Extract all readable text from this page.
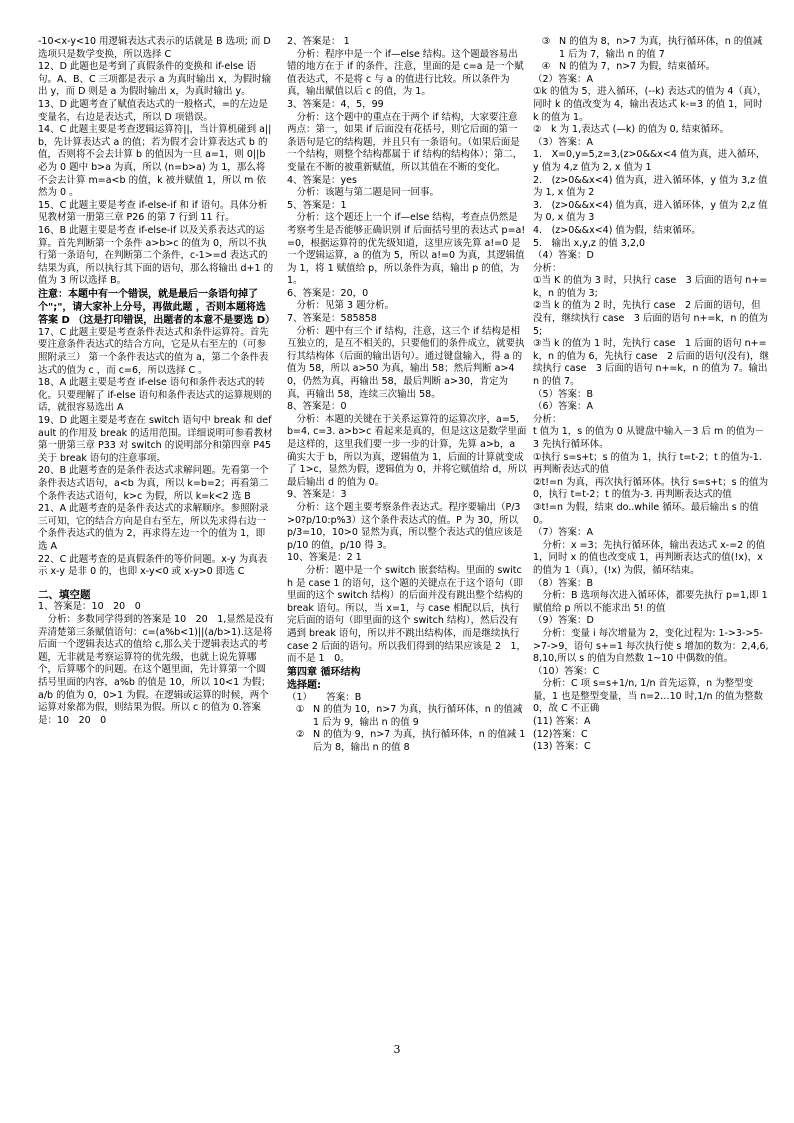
-10<x-y<10 用逻辑表达式表示的话就是 B 选项; 而 D 选项只是数学变换，所以选择 C

12、D 此题也是考到了真假条件的变换和 if-else 语句。A、B、C 三项都是表示 a 为真时输出 x，为假时输出 y，而 D 则是 a 为假时输出 x，为真时输出 y。

13、D 此题考查了赋值表达式的一般格式，=的左边是变量名，右边是表达式，所以 D 项错误。

14、C 此题主要是考查逻辑运算符||，当计算机碰到 a||b，先计算表达式 a 的值；若为假才会计算表达式 b 的值，否则将不会去计算 b 的值因为一旦 a=1，则 0||b 必为 0 题中 b>a 为真，所以 (n=b>a) 为 1，那么将不会去计算 m=a<b 的值，k 被并赋值 1，所以 m 依然为 0 。

15、C 此题主要是考查 if-else-if 和 if 语句。具体分析见教材第一册第三章 P26 的第 7 行到 11 行。

16、B 此题主要是考查 if-else-if 以及关系表达式的运算。首先判断第一个条件 a>b>c 的值为 0，所以不执行第一条语句，在判断第二个条件，c-1>=d 表达式的结果为真，所以执行其下面的语句，那么将输出 d+1 的值为 3 所以选择 B。

注意：本题中有一个错误，就是最后一条语句掉了个";"，请大家补上分号，再做此题 ，否则本题将选答案 D （这是打印错误，出题者的本意不是要选 D）

17、C 此题主要是考查条件表达式和条件运算符。首先要注意条件表达式的结合方向，它是从右至左的（可参照附录三） 第一个条件表达式的值为 a，第二个条件表达式的值为 c ，而 c=6，所以选择 C 。

18、A 此题主要是考查 if-else 语句和条件表达式的转化。只要理解了 if-else 语句和条件表达式的运算规则的话，就很容易选出 A

19、D 此题主要是考查在 switch 语句中 break 和 default 的作用及 break 的适用范围。详细说明可参看教材第一册第三章 P33 对 switch 的说明部分和第四章 P45 关于 break 语句的注意事项。

20、B 此题考查的是条件表达式求解问题。先看第一个条件表达式语句，a<b 为真，所以 k=b=2；再看第二个条件表达式语句，k>c 为假，所以 k=k<2 选 B

21、A 此题考查的是条件表达式的求解顺序。参照附录三可知，它的结合方向是自右至左，所以先求得右边一个条件表达式的值为 2，再求得左边一个的值为 1，即选 A

22、C 此题考查的是真假条件的等价问题。x-y 为真表示 x-y 是非 0 的，也即 x-y<0 或 x-y>0 即选 C

二、填空题

1、答案是：10　20　0

　分析：多数同学得到的答案是 10　20　1,显然是没有弄清楚第三条赋值语句：c=(a%b<1)||(a/b>1).这是将后面一个逻辑表达式的值给 c,那么关于逻辑表达式的考题，无非就是考察运算符的优先级，也就上说先算哪个，后算哪个的问题。在这个题里面，先计算第一个圆括号里面的内容，a%b 的值是 10，所以 10<1 为假；a/b 的值为 0，0>1 为假。在逻辑或运算的时候，两个运算对象都为假，则结果为假。所以 c 的值为 0.答案是：10　20　0

2、答案是： 1

　分析：程序中是一个 if—else 结构。这个题最容易出错的地方在于 if 的条件，注意，里面的是 c=a 是一个赋值表达式，不是将 c 与 a 的值进行比较。所以条件为真，输出赋值以后 c 的值，为 1。

3、答案是：4，5，99

　分析：这个题中的重点在于两个 if 结构，大家要注意两点：第一，如果 if 后面没有花括号，则它后面的第一条语句是它的结构题，并且只有一条语句。（如果后面是一个结构，则整个结构都属于 if 结构的结构体）；第二，变量在不断的被重新赋值，所以其值在不断的变化。

4、答案是：yes

　分析：该题与第二题是同一回事。

5、答案是：1

　分析：这个题还上一个 if—else 结构，考查点仍然是考察考生是否能够正确识别 if 后面括号里的表达式 p=a!=0，根据运算符的优先级知道，这里应该先算 a!=0 是一个逻辑运算，a 的值为 5，所以 a!=0 为真，其逻辑值为 1，将 1 赋值给 p，所以条件为真，输出 p 的值，为 1。

6、答案是：20，0

　分析：见第 3 题分析。

7、答案是：585858

　分析：题中有三个 if 结构，注意，这三个 if 结构是相互独立的，是互不相关的，只要他们的条件成立，就要执行其结构体（后面的输出语句）。通过键盘输入，得 a 的值为 58，所以 a>50 为真，输出 58；然后判断 a>40，仍然为真，再输出 58，最后判断 a>30，肯定为真，再输出 58，连续三次输出 58。

8、答案是：0

　分析：本题的关键在于关系运算符的运算次序，a=5, b=4, c=3. a>b>c 看起来是真的，但是这这是数学里面是这样的，这里我们要一步一步的计算，先算 a>b，a 确实大于 b，所以为真，逻辑值为 1，后面的计算就变成了 1>c，显然为假，逻辑值为 0，并将它赋值给 d，所以最后输出 d 的值为 0。

9、答案是：3

　分析：这个题主要考察条件表达式。程序要输出（P/3>0?p/10:p%3）这个条件表达式的值。P 为 30，所以 p/3=10，10>0 显然为真，所以整个表达式的值应该是 p/10 的值，p/10 得 3。

10、答案是：2 1

　　分析：题中是一个 switch 嵌套结构。里面的 switch 是 case 1 的语句，这个题的关键点在于这个语句（即里面的这个 switch 结构）的后面并没有跳出整个结构的 break 语句。所以，当 x=1，与 case 相配以后，执行完后面的语句（即里面的这个 switch 结构），然后没有遇到 break 语句，所以并不跳出结构体，而是继续执行 case 2 后面的语句。所以我们得到的结果应该是 2　1，而不是 1　0。

第四章 循环结构

选择题:

（1）　　答案：B

① N 的值为 10，n>7 为真，执行循环体，n 的值减 1 后为 9，输出 n 的值 9
② N 的值为 9，n>7 为真，执行循环体，n 的值减 1 后为 8，输出 n 的值 8
③ N 的值为 8，n>7 为真，执行循环体，n 的值减 1 后为 7，输出 n 的值 7
④ N 的值为 7，n>7 为假，结束循环。

（2）答案：A

①k 的值为 5，进入循环，(--k) 表达式的值为 4（真），同时 k 的值改变为 4，输出表达式 k-=3 的值 1，同时 k 的值为 1。

②　k 为 1,表达式 (—k) 的值为 0, 结束循环。

（3）答案：A

1.　X=0,y=5,z=3,(z>0&&x<4 值为真，进入循环，y 值为 4,z 值为 2, x 值为 1

2.　(z>0&&x<4) 值为真，进入循环体，y 值为 3,z 值为 1, x 值为 2

3.　(z>0&&x<4) 值为真，进入循环体，y 值为 2,z 值为 0, x 值为 3

4.　(z>0&&x<4) 值为假，结束循环。

5.　输出 x,y,z 的值 3,2,0

（4）答案：D

分析：

①当 K 的值为 3 时，只执行 case　3 后面的语句 n+=k，n 的值为 3;

②当 k 的值为 2 时，先执行 case　2 后面的语句，但没有，继续执行 case　3 后面的语句 n+=k，n 的值为 5;

③当 k 的值为 1 时，先执行 case　1 后面的语句 n+=k，n 的值为 6，先执行 case　2 后面的语句(没有)，继续执行 case　3 后面的语句 n+=k，n 的值为 7。输出 n 的值 7。

（5）答案：B

（6）答案：A

分析：

t 值为 1，s 的值为 0 从键盘中输入－3 后 m 的值为－3 先执行循环体。

①执行 s=s+t；s 的值为 1，执行 t=t-2；t 的值为-1. 再判断表达式的值

②t!=n 为真，再次执行循环体。执行 s=s+t；s 的值为 0，执行 t=t-2；t 的值为-3. 再判断表达式的值

③t!=n 为假，结束 do..while 循环。最后输出 s 的值 0。

（7）答案：A

　分析：x =3；先执行循环体，输出表达式 x-=2 的值 1，同时 x 的值也改变成 1，再判断表达式的值(!x)，x 的值为 1（真），(!x) 为假，循环结束。

（8）答案：B

　分析：B 选项每次进入循环体，都要先执行 p=1,即 1 赋值给 p 所以不能求出 5! 的值

（9）答案：D

　分析：变量 i 每次增量为 2，变化过程为: 1->3->5->7->9，语句 s+=1 每次执行使 s 增加的数为：2,4,6,8,10,所以 s 的值为自然数 1~10 中偶数的值。

（10）答案：C

　分析：C 项 s=s+1/n, 1/n 首先运算，n 为整型变量，1 也是整型变量，当 n=2…10 时,1/n 的值为整数 0，故 C 不正确

(11) 答案：A

(12)答案：C

(13) 答案：C

3
